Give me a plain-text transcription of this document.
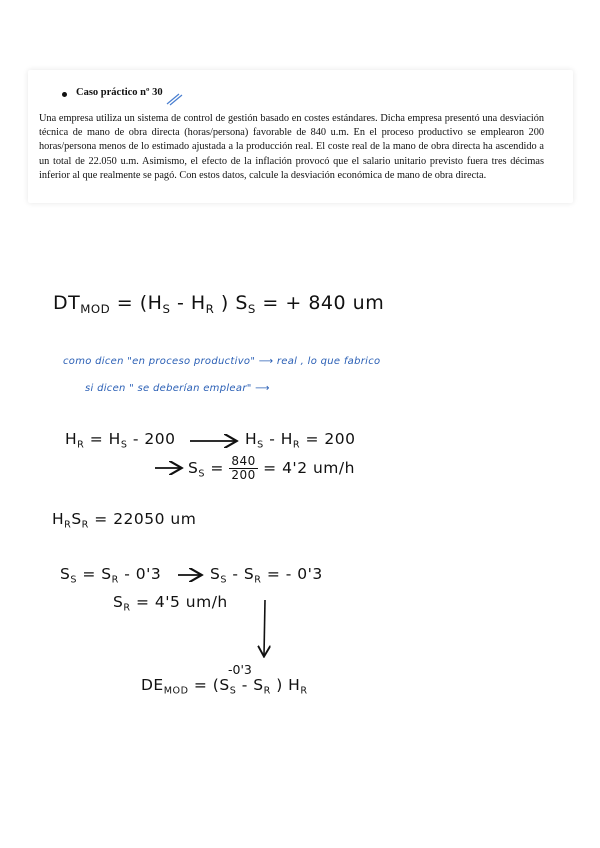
Caso práctico nº 30
Una empresa utiliza un sistema de control de gestión basado en costes estándares. Dicha empresa presentó una desviación técnica de mano de obra directa (horas/persona) favorable de 840 u.m. En el proceso productivo se emplearon 200 horas/persona menos de lo estimado ajustada a la producción real. El coste real de la mano de obra directa ha ascendido a un total de 22.050 u.m. Asimismo, el efecto de la inflación provocó que el salario unitario previsto fuera tres décimas inferior al que realmente se pagó. Con estos datos, calcule la desviación económica de mano de obra directa.
$DT_{MOD} = (H_S - H_R$ ) $S_S$ = + 840 um
como dicen "en proceso productivo" ⟶ real , lo que fabrico
si dicen " se deberían emplear" ⟶
$H_R = H_S - 200$	$H_S - H_R = 200$
$S_S = \frac{840}{200} = 4'2$ um/h
$H_RS_R = 22050$ um
$S_S = S_R - 0'3$	$S_S - S_R$ = - 0'3
$S_R = 4'5$ um/h
-0'3
$DE_{MOD} = (S_S - S_R$ ) $H_R$
